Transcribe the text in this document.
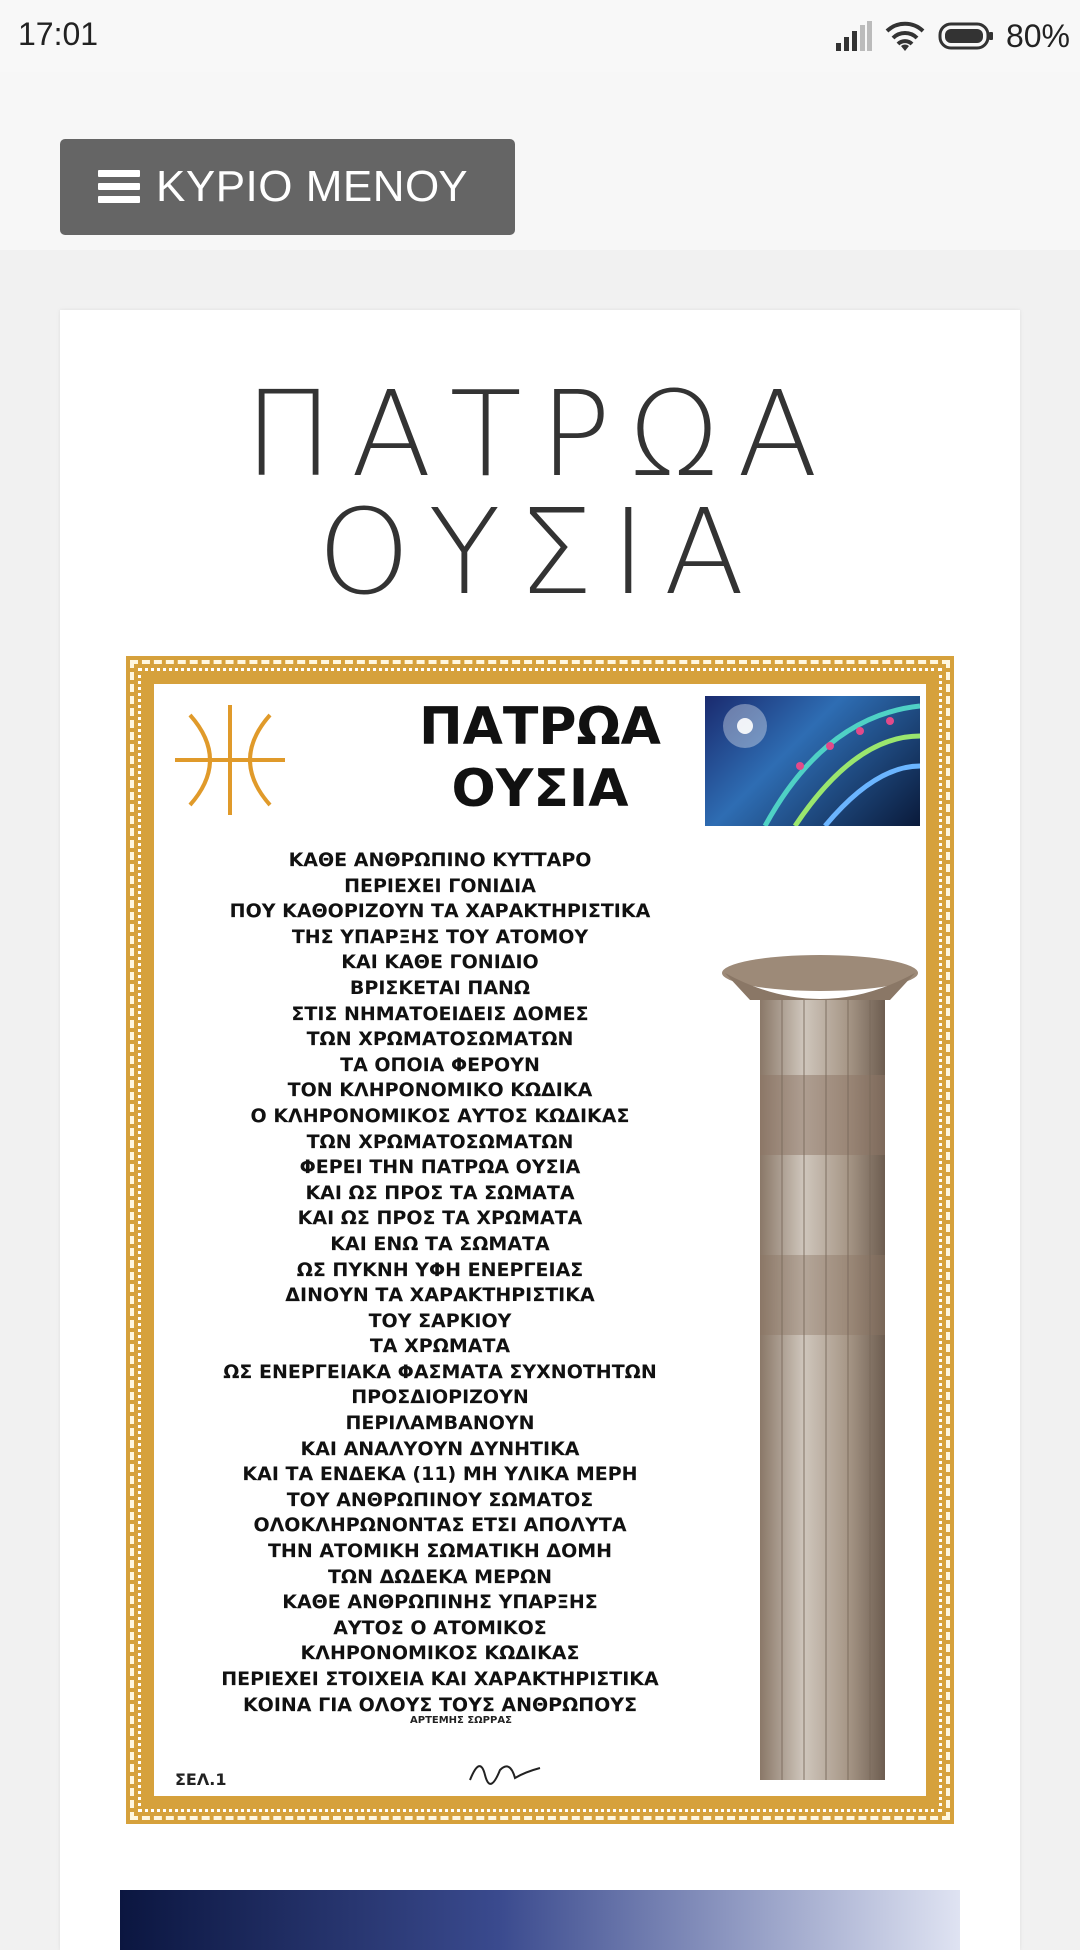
17:01	80%
ΚΥΡΙΟ ΜΕΝΟΥ
ΠΑΤΡΩΑ
ΟΥΣΙΑ
ΠΑΤΡΩΑ
ΟΥΣΙΑ
ΚΑΘΕ ΑΝΘΡΩΠΙΝΟ ΚΥΤΤΑΡΟ
ΠΕΡΙΕΧΕΙ ΓΟΝΙΔΙΑ
ΠΟΥ ΚΑΘΟΡΙΖΟΥΝ ΤΑ ΧΑΡΑΚΤΗΡΙΣΤΙΚΑ
ΤΗΣ ΥΠΑΡΞΗΣ ΤΟΥ ΑΤΟΜΟΥ
ΚΑΙ ΚΑΘΕ ΓΟΝΙΔΙΟ
ΒΡΙΣΚΕΤΑΙ ΠΑΝΩ
ΣΤΙΣ ΝΗΜΑΤΟΕΙΔΕΙΣ ΔΟΜΕΣ
ΤΩΝ ΧΡΩΜΑΤΟΣΩΜΑΤΩΝ
ΤΑ ΟΠΟΙΑ ΦΕΡΟΥΝ
ΤΟΝ ΚΛΗΡΟΝΟΜΙΚΟ ΚΩΔΙΚΑ
Ο ΚΛΗΡΟΝΟΜΙΚΟΣ ΑΥΤΟΣ ΚΩΔΙΚΑΣ
ΤΩΝ ΧΡΩΜΑΤΟΣΩΜΑΤΩΝ
ΦΕΡΕΙ ΤΗΝ ΠΑΤΡΩΑ ΟΥΣΙΑ
ΚΑΙ ΩΣ ΠΡΟΣ ΤΑ ΣΩΜΑΤΑ
ΚΑΙ ΩΣ ΠΡΟΣ ΤΑ ΧΡΩΜΑΤΑ
ΚΑΙ ΕΝΩ ΤΑ ΣΩΜΑΤΑ
ΩΣ ΠΥΚΝΗ ΥΦΗ ΕΝΕΡΓΕΙΑΣ
ΔΙΝΟΥΝ ΤΑ ΧΑΡΑΚΤΗΡΙΣΤΙΚΑ
ΤΟΥ ΣΑΡΚΙΟΥ
ΤΑ ΧΡΩΜΑΤΑ
ΩΣ ΕΝΕΡΓΕΙΑΚΑ ΦΑΣΜΑΤΑ ΣΥΧΝΟΤΗΤΩΝ
ΠΡΟΣΔΙΟΡΙΖΟΥΝ
ΠΕΡΙΛΑΜΒΑΝΟΥΝ
ΚΑΙ ΑΝΑΛΥΟΥΝ ΔΥΝΗΤΙΚΑ
ΚΑΙ ΤΑ ΕΝΔΕΚΑ (11) ΜΗ ΥΛΙΚΑ ΜΕΡΗ
ΤΟΥ ΑΝΘΡΩΠΙΝΟΥ ΣΩΜΑΤΟΣ
ΟΛΟΚΛΗΡΩΝΟΝΤΑΣ ΕΤΣΙ ΑΠΟΛΥΤΑ
ΤΗΝ ΑΤΟΜΙΚΗ ΣΩΜΑΤΙΚΗ ΔΟΜΗ
ΤΩΝ ΔΩΔΕΚΑ ΜΕΡΩΝ
ΚΑΘΕ ΑΝΘΡΩΠΙΝΗΣ ΥΠΑΡΞΗΣ
ΑΥΤΟΣ Ο ΑΤΟΜΙΚΟΣ
ΚΛΗΡΟΝΟΜΙΚΟΣ ΚΩΔΙΚΑΣ
ΠΕΡΙΕΧΕΙ ΣΤΟΙΧΕΙΑ ΚΑΙ ΧΑΡΑΚΤΗΡΙΣΤΙΚΑ
ΚΟΙΝΑ ΓΙΑ ΟΛΟΥΣ ΤΟΥΣ ΑΝΘΡΩΠΟΥΣ
ΑΡΤΕΜΗΣ ΣΩΡΡΑΣ
ΣΕΛ.1
